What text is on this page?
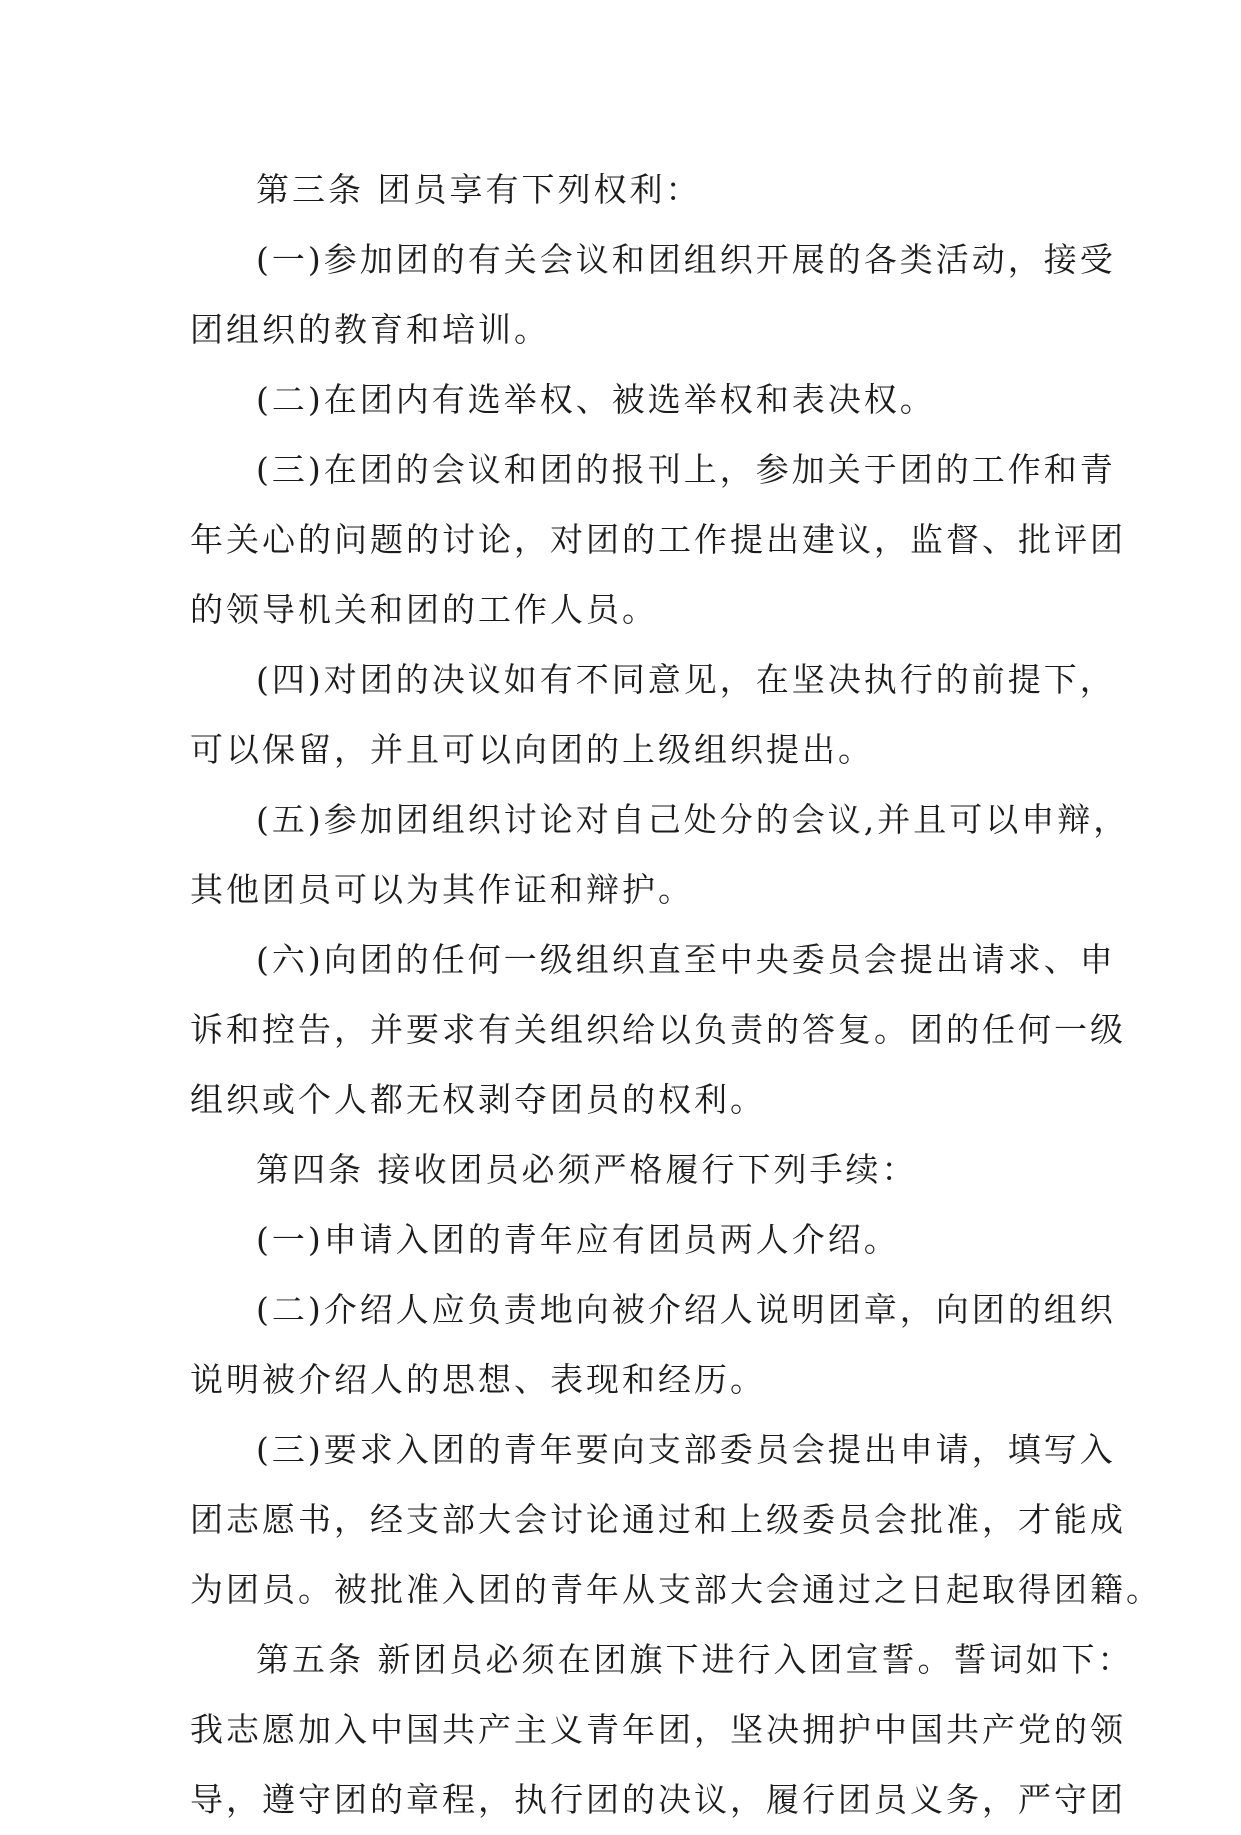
第三条 团员享有下列权利：
(一)参加团的有关会议和团组织开展的各类活动，接受
团组织的教育和培训。
(二)在团内有选举权、被选举权和表决权。
(三)在团的会议和团的报刊上，参加关于团的工作和青
年关心的问题的讨论，对团的工作提出建议，监督、批评团
的领导机关和团的工作人员。
(四)对团的决议如有不同意见，在坚决执行的前提下，
可以保留，并且可以向团的上级组织提出。
(五)参加团组织讨论对自己处分的会议,并且可以申辩，
其他团员可以为其作证和辩护。
(六)向团的任何一级组织直至中央委员会提出请求、申
诉和控告，并要求有关组织给以负责的答复。团的任何一级
组织或个人都无权剥夺团员的权利。
第四条 接收团员必须严格履行下列手续：
(一)申请入团的青年应有团员两人介绍。
(二)介绍人应负责地向被介绍人说明团章，向团的组织
说明被介绍人的思想、表现和经历。
(三)要求入团的青年要向支部委员会提出申请，填写入
团志愿书，经支部大会讨论通过和上级委员会批准，才能成
为团员。被批准入团的青年从支部大会通过之日起取得团籍。
第五条 新团员必须在团旗下进行入团宣誓。誓词如下：
我志愿加入中国共产主义青年团，坚决拥护中国共产党的领
导，遵守团的章程，执行团的决议，履行团员义务，严守团
